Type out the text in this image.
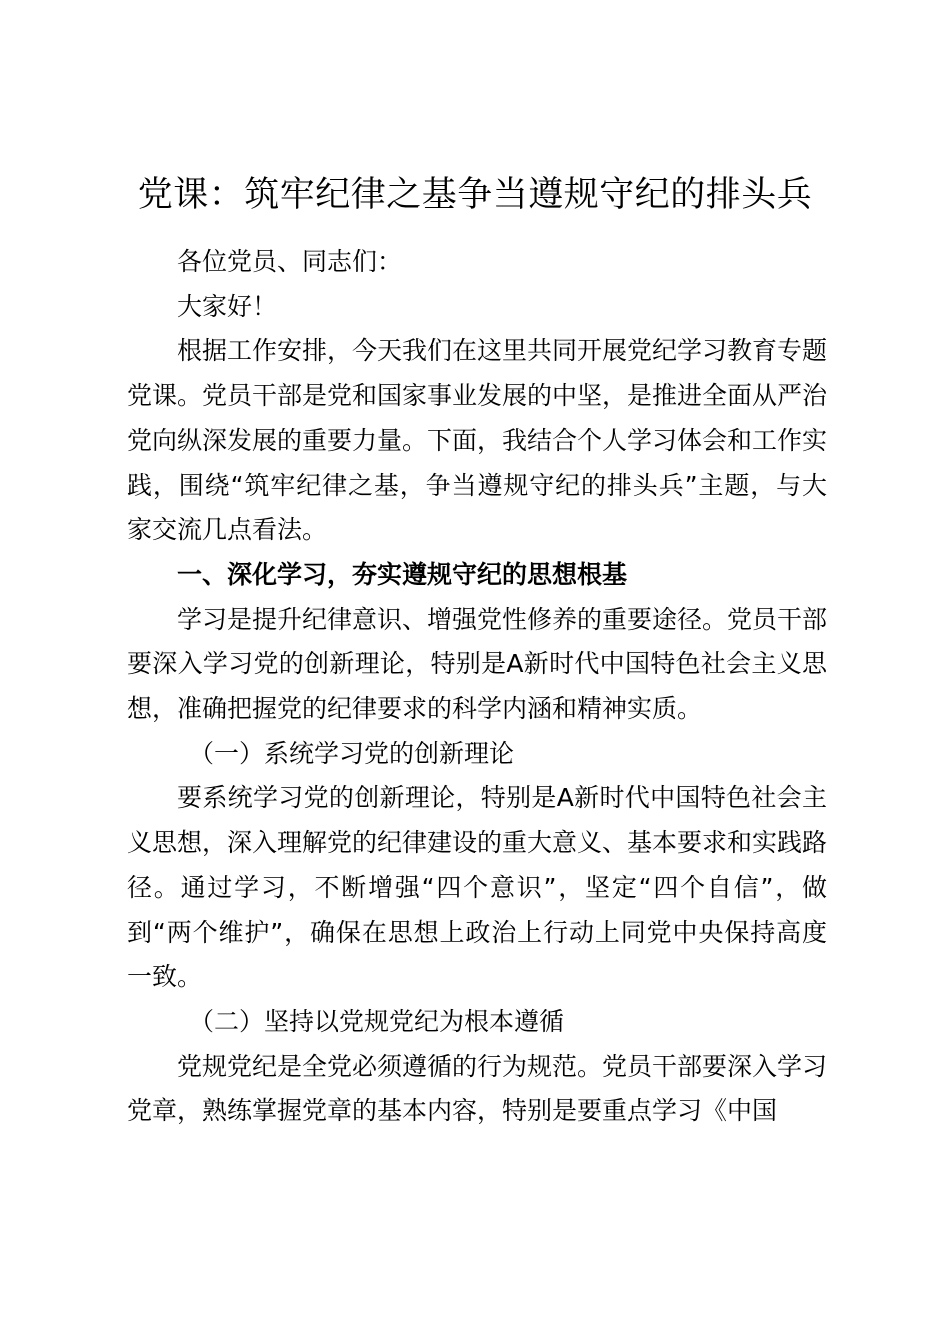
党课：筑牢纪律之基争当遵规守纪的排头兵

各位党员、同志们：

大家好！

根据工作安排，今天我们在这里共同开展党纪学习教育专题党课。党员干部是党和国家事业发展的中坚，是推进全面从严治党向纵深发展的重要力量。下面，我结合个人学习体会和工作实践，围绕“筑牢纪律之基，争当遵规守纪的排头兵”主题，与大家交流几点看法。

一、深化学习，夯实遵规守纪的思想根基

学习是提升纪律意识、增强党性修养的重要途径。党员干部要深入学习党的创新理论，特别是A新时代中国特色社会主义思想，准确把握党的纪律要求的科学内涵和精神实质。

（一）系统学习党的创新理论

要系统学习党的创新理论，特别是A新时代中国特色社会主义思想，深入理解党的纪律建设的重大意义、基本要求和实践路径。通过学习，不断增强“四个意识”，坚定“四个自信”，做到“两个维护”，确保在思想上政治上行动上同党中央保持高度一致。

（二）坚持以党规党纪为根本遵循

党规党纪是全党必须遵循的行为规范。党员干部要深入学习党章，熟练掌握党章的基本内容，特别是要重点学习《中国
